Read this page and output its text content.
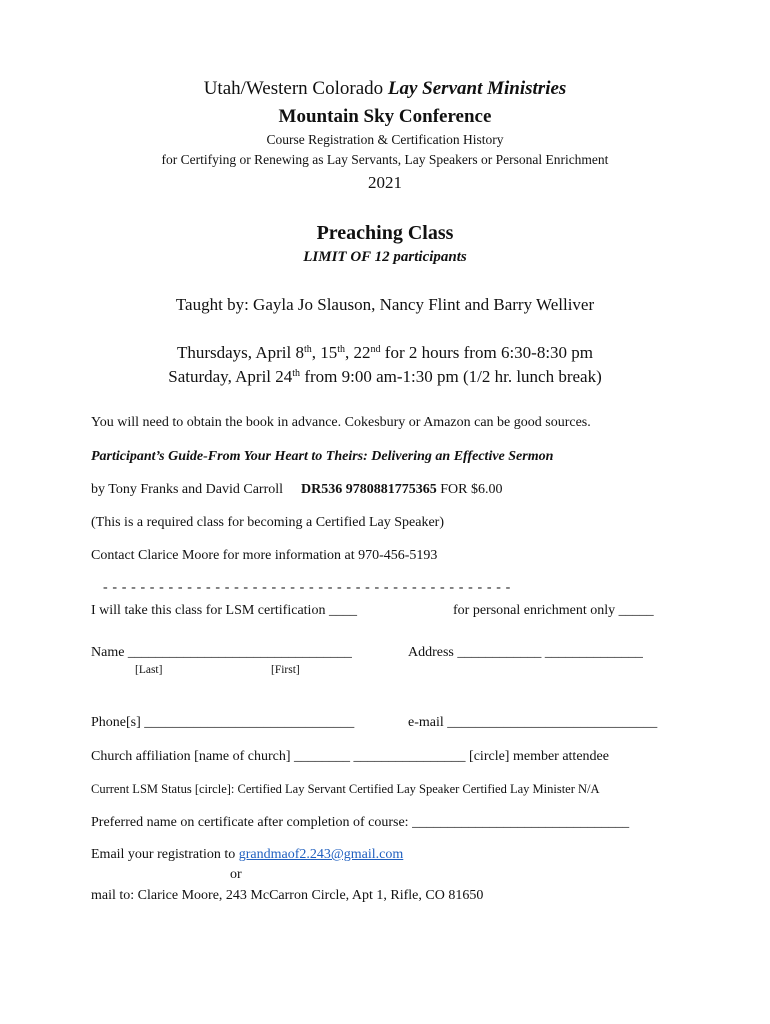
Utah/Western Colorado Lay Servant Ministries
Mountain Sky Conference
Course Registration & Certification History
for Certifying or Renewing as Lay Servants, Lay Speakers or Personal Enrichment
2021
Preaching Class
LIMIT OF 12 participants
Taught by: Gayla Jo Slauson, Nancy Flint and Barry Welliver
Thursdays, April 8th, 15th, 22nd for 2 hours from 6:30-8:30 pm
Saturday, April 24th from 9:00 am-1:30 pm (1/2 hr. lunch break)
You will need to obtain the book in advance. Cokesbury or Amazon can be good sources.
Participant’s Guide-From Your Heart to Theirs: Delivering an Effective Sermon
by Tony Franks and David Carroll DR536 9780881775365 FOR $6.00
(This is a required class for becoming a Certified Lay Speaker)
Contact Clarice Moore for more information at 970-456-5193
- - - - - - - - - - - - - - - - - - - - - - - - - - - - - - - - - - - - - - - - - - - -
I will take this class for LSM certification ____	for personal enrichment only _____
Name ________________________________	Address ____________ ______________
[Last]	[First]
Phone[s] ______________________________	e-mail ______________________________
Church affiliation [name of church] ________ ________________ [circle] member attendee
Current LSM Status [circle]: Certified Lay Servant Certified Lay Speaker Certified Lay Minister N/A
Preferred name on certificate after completion of course: _______________________________
Email your registration to grandmaof2.243@gmail.com
or
mail to: Clarice Moore, 243 McCarron Circle, Apt 1, Rifle, CO 81650
